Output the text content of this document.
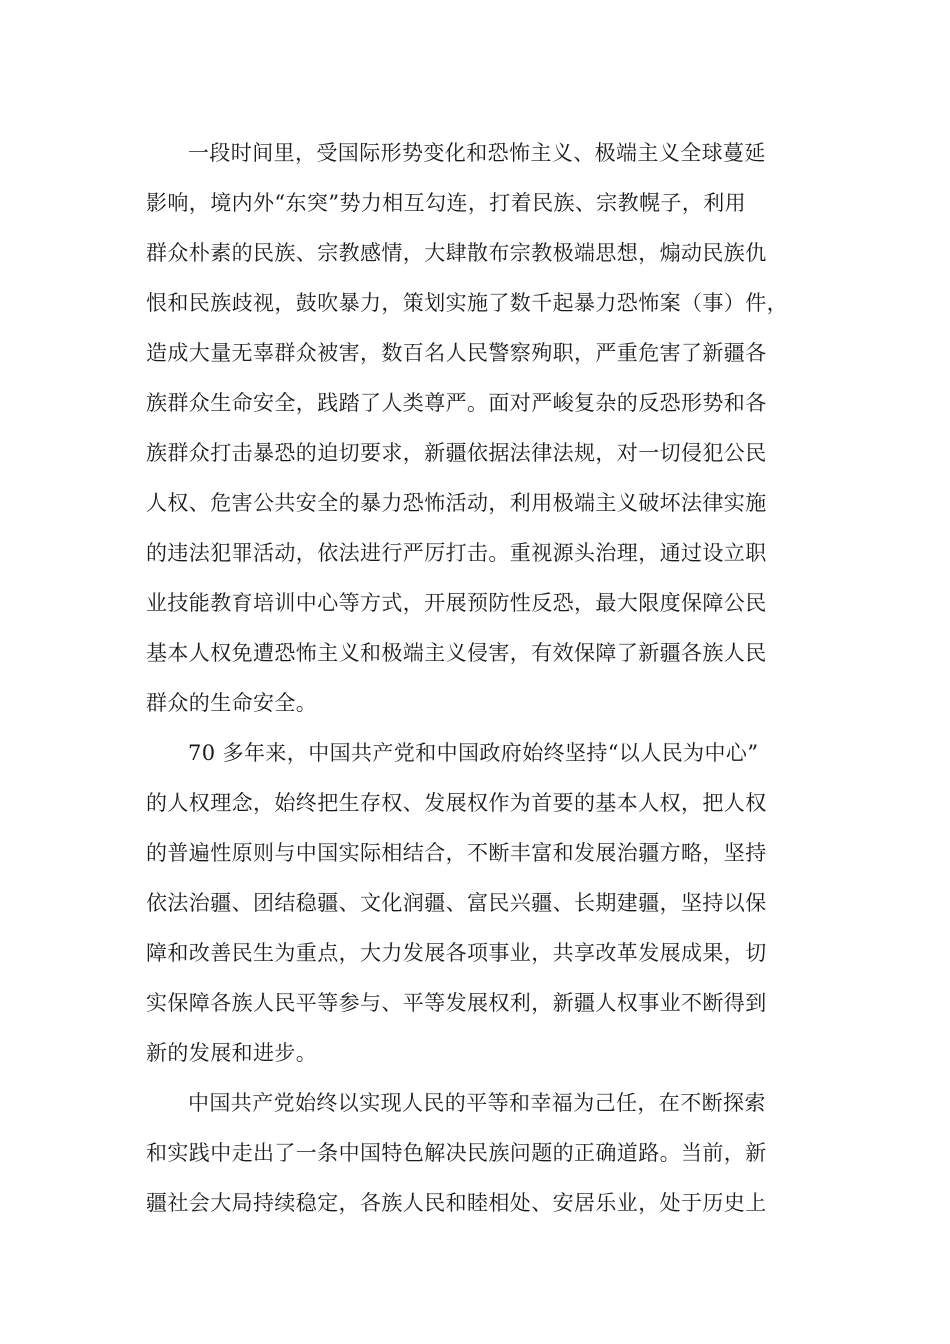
一段时间里，受国际形势变化和恐怖主义、极端主义全球蔓延
影响，境内外“东突”势力相互勾连，打着民族、宗教幌子，利用
群众朴素的民族、宗教感情，大肆散布宗教极端思想，煽动民族仇
恨和民族歧视，鼓吹暴力，策划实施了数千起暴力恐怖案（事）件，
造成大量无辜群众被害，数百名人民警察殉职，严重危害了新疆各
族群众生命安全，践踏了人类尊严。面对严峻复杂的反恐形势和各
族群众打击暴恐的迫切要求，新疆依据法律法规，对一切侵犯公民
人权、危害公共安全的暴力恐怖活动，利用极端主义破坏法律实施
的违法犯罪活动，依法进行严厉打击。重视源头治理，通过设立职
业技能教育培训中心等方式，开展预防性反恐，最大限度保障公民
基本人权免遭恐怖主义和极端主义侵害，有效保障了新疆各族人民
群众的生命安全。
70 多年来，中国共产党和中国政府始终坚持“以人民为中心”
的人权理念，始终把生存权、发展权作为首要的基本人权，把人权
的普遍性原则与中国实际相结合，不断丰富和发展治疆方略，坚持
依法治疆、团结稳疆、文化润疆、富民兴疆、长期建疆，坚持以保
障和改善民生为重点，大力发展各项事业，共享改革发展成果，切
实保障各族人民平等参与、平等发展权利，新疆人权事业不断得到
新的发展和进步。
中国共产党始终以实现人民的平等和幸福为己任，在不断探索
和实践中走出了一条中国特色解决民族问题的正确道路。当前，新
疆社会大局持续稳定，各族人民和睦相处、安居乐业，处于历史上
